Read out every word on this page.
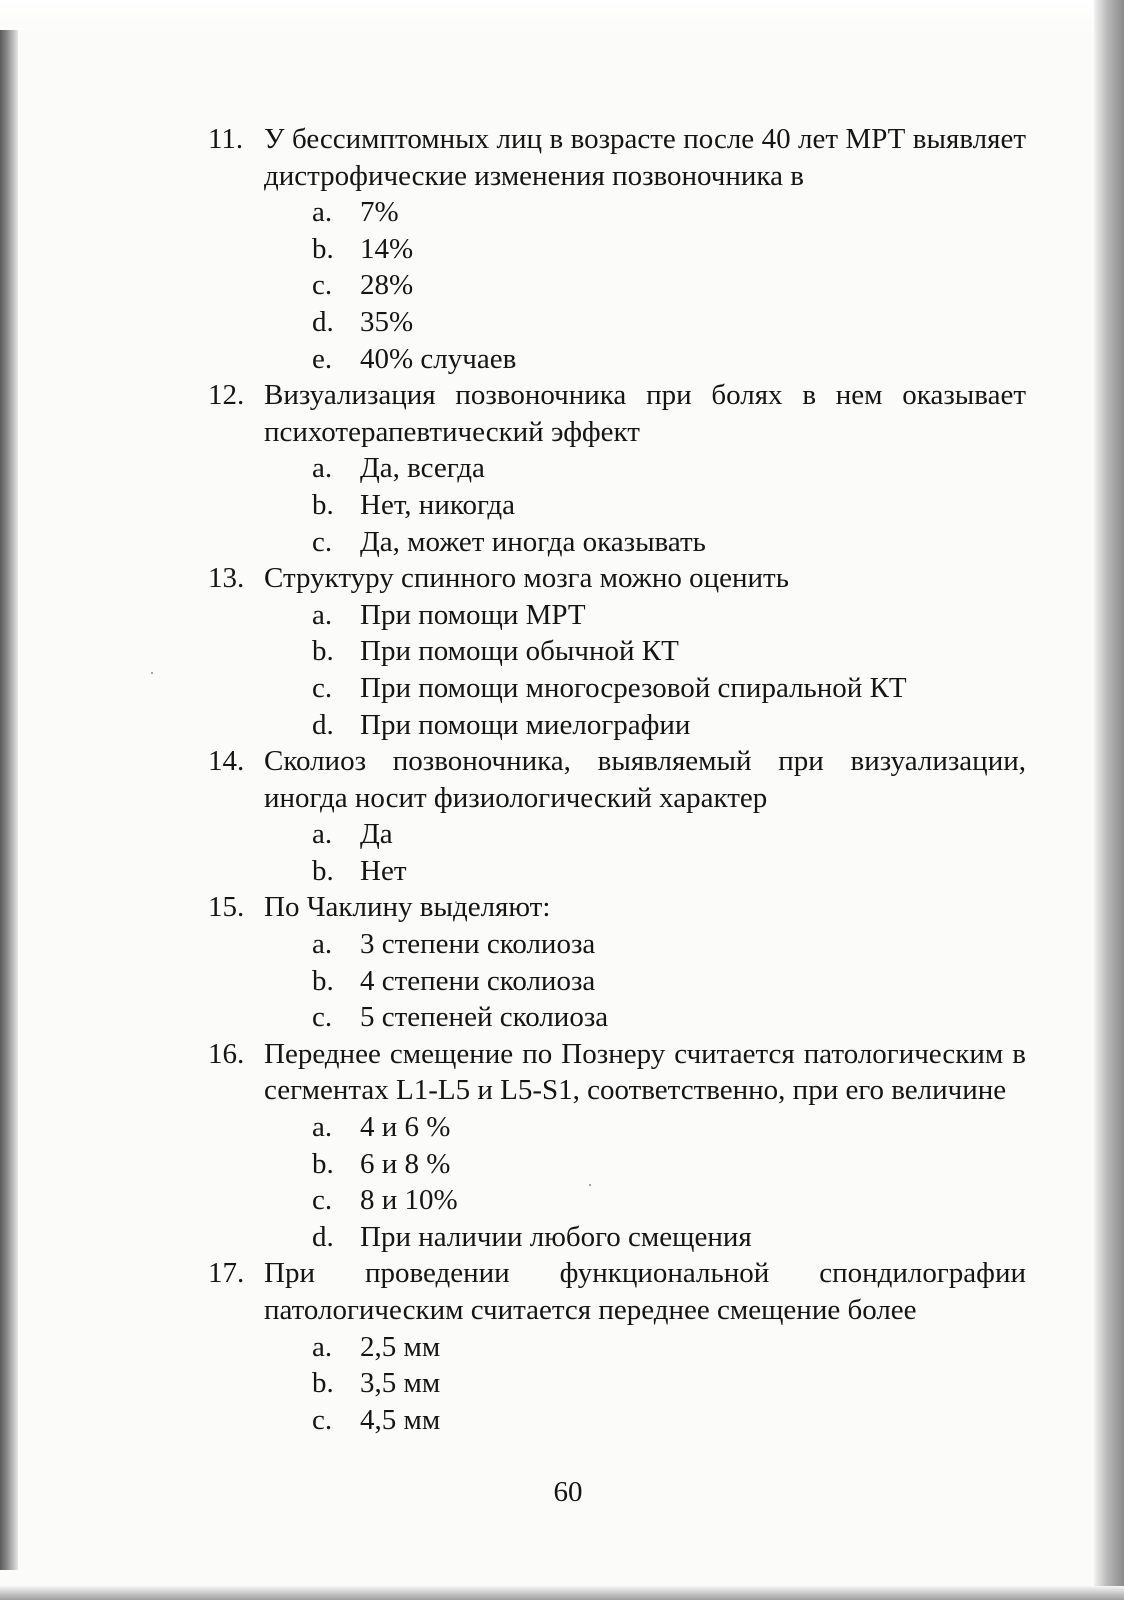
11. У бессимптомных лиц в возрасте после 40 лет МРТ выявляет дистрофические изменения позвоночника в
a. 7%
b. 14%
c. 28%
d. 35%
e. 40% случаев
12. Визуализация позвоночника при болях в нем оказывает психотерапевтический эффект
a. Да, всегда
b. Нет, никогда
c. Да, может иногда оказывать
13. Структуру спинного мозга можно оценить
a. При помощи МРТ
b. При помощи обычной КТ
c. При помощи многосрезовой спиральной КТ
d. При помощи миелографии
14. Сколиоз позвоночника, выявляемый при визуализации, иногда носит физиологический характер
a. Да
b. Нет
15. По Чаклину выделяют:
a. 3 степени сколиоза
b. 4 степени сколиоза
c. 5 степеней сколиоза
16. Переднее смещение по Познеру считается патологическим в сегментах L1-L5 и L5-S1, соответственно, при его величине
a. 4 и 6 %
b. 6 и 8 %
c. 8 и 10%
d. При наличии любого смещения
17. При проведении функциональной спондилографии патологическим считается переднее смещение более
a. 2,5 мм
b. 3,5 мм
c. 4,5 мм
60
